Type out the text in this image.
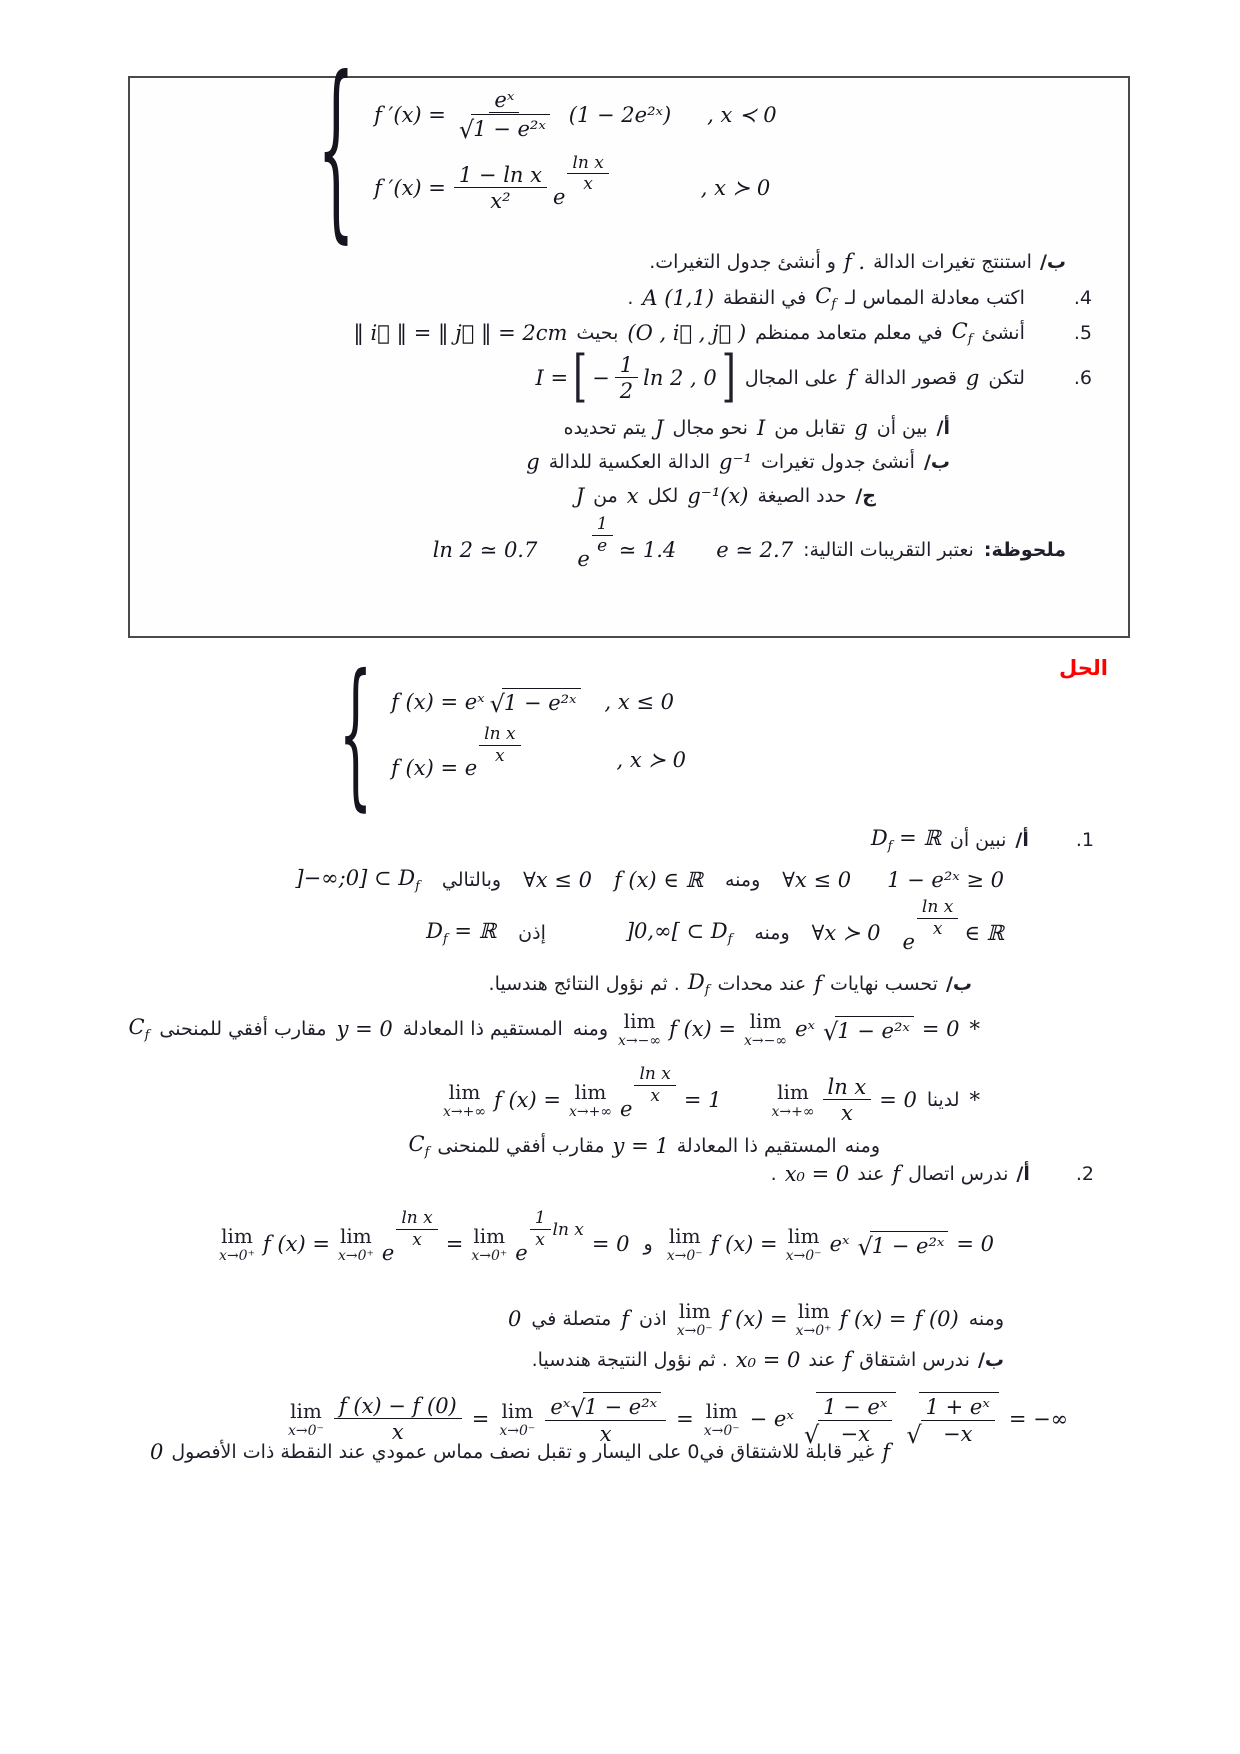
{ f $'(x) = \frac{\text{eˣ}}{\text{√ 1 − e²ˣ}} (1$ − 2e²ˣ) , x ≺ 0
f $'(x) = \frac{\text{1 − ln x}}{\text{x²}}$ e
$\frac{\text{ln x}}{x}$	, x ≻ 0
ب/
استنتج تغيرات الدالة
f .
و أنشئ جدول التغيرات.
.4
اكتب معادلة المماس لـ
$C_f$
في النقطة
A (1,1)
.
.5
أنشئ
$C_f$
في معلم متعامد ممنظم
(O , i⃗ , j⃗ )
بحيث
‖ i⃗ ‖ = ‖ j⃗ ‖ = 2cm
.6
لتكن
g
قصور الدالة
f
على المجال
I = [ − $\frac{1}{2}$ ln 2 , 0 ]
أ/
بين أن
g
تقابل من
I
نحو مجال
J
يتم تحديده
ب/
أنشئ جدول تغيرات
g⁻¹
الدالة العكسية للدالة
g
ج/
حدد الصيغة
g⁻¹(x)
لكل
x
من
J
ملحوظة:
نعتبر التقريبات التالية:
e ≃ 2.7
e
$\frac{1}{e}$ ≃ 1.4
ln 2 ≃ 0.7
الحل
{ f (x) = eˣ √ 1 − e²ˣ , x ≤ 0
f (x) = e
$\frac{\text{ln x}}{x}$	, x ≻ 0
.1
أ/
نبين أن
$D_f$ = ℝ
1 − e²ˣ ≥ 0
∀x ≤ 0
ومنه
f (x) ∈ ℝ
∀x ≤ 0
وبالتالي
]−∞;0] ⊂ $D_f$
e
$\frac{\text{ln x}}{x}$ ∈ ℝ
∀x ≻ 0
ومنه
]0,∞[ ⊂ $D_f$
إذن
$D_f$ = ℝ
ب/
تحسب نهايات
f
عند محدات
$D_f$
. ثم نؤول النتائج هندسيا.
*
lim
x→−∞ f (x) = lim
x→−∞ eˣ √ 1 − e²ˣ = 0
ومنه
المستقيم ذا المعادلة
y = 0
مقارب أفقي للمنحنى
$C_f$
*
لدينا
lim
$x\to+\infty \frac{\text{ln x}}{x} = 0$
lim
x→+∞ f (x) = lim
x→+∞ e
$\frac{\text{ln x}}{x} = 1$
ومنه
المستقيم ذا المعادلة
y = 1
مقارب أفقي للمنحنى
$C_f$
.2
أ/
ندرس اتصال
f
عند
x₀ = 0
.
lim
x→0⁻ f (x) = lim
x→0⁻ eˣ √ 1 − e²ˣ = 0
و
lim
x→0⁺ f (x) = lim
x→0⁺ e
$\frac{\text{ln x}}{x} = \lim$
x→0⁺ e
$\frac{1}{x}$ ln x
= 0
ومنه
lim
x→0⁻ f (x) = lim
x→0⁺ f (x) = f (0)
اذن
f
متصلة في
0
ب/
ندرس اشتقاق
f
عند
x₀ = 0
. ثم نؤول النتيجة هندسيا.
lim
$x\to 0^- \frac{f (x) - f (0)}{x} = \lim$
$x\to 0^- \frac{\text{eˣ √ 1 − e²ˣ}}{x} = \lim$
x→0⁻ − eˣ
√ $\frac{\text{1 − eˣ}}{-x}$ √ $\frac{\text{1 + eˣ}}{-x}$ = −∞
f
غير قابلة للاشتقاق في0 على اليسار و تقبل نصف مماس عمودي عند النقطة ذات الأفصول
0
